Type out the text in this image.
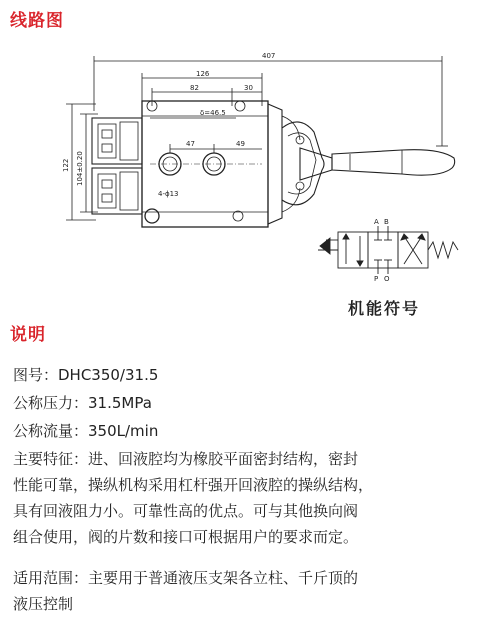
线路图
407
126
82	30
δ=46.5
47	49
4-ϕ13
122 104±0.20
A B
P O
机能符号
说明
图号：DHC350/31.5
公称压力：31.5MPa
公称流量：350L/min
主要特征：进、回液腔均为橡胶平面密封结构，密封
性能可靠，操纵机构采用杠杆强开回液腔的操纵结构，
具有回液阻力小。可靠性高的优点。可与其他换向阀
组合使用，阀的片数和接口可根据用户的要求而定。
适用范围：主要用于普通液压支架各立柱、千斤顶的
液压控制
